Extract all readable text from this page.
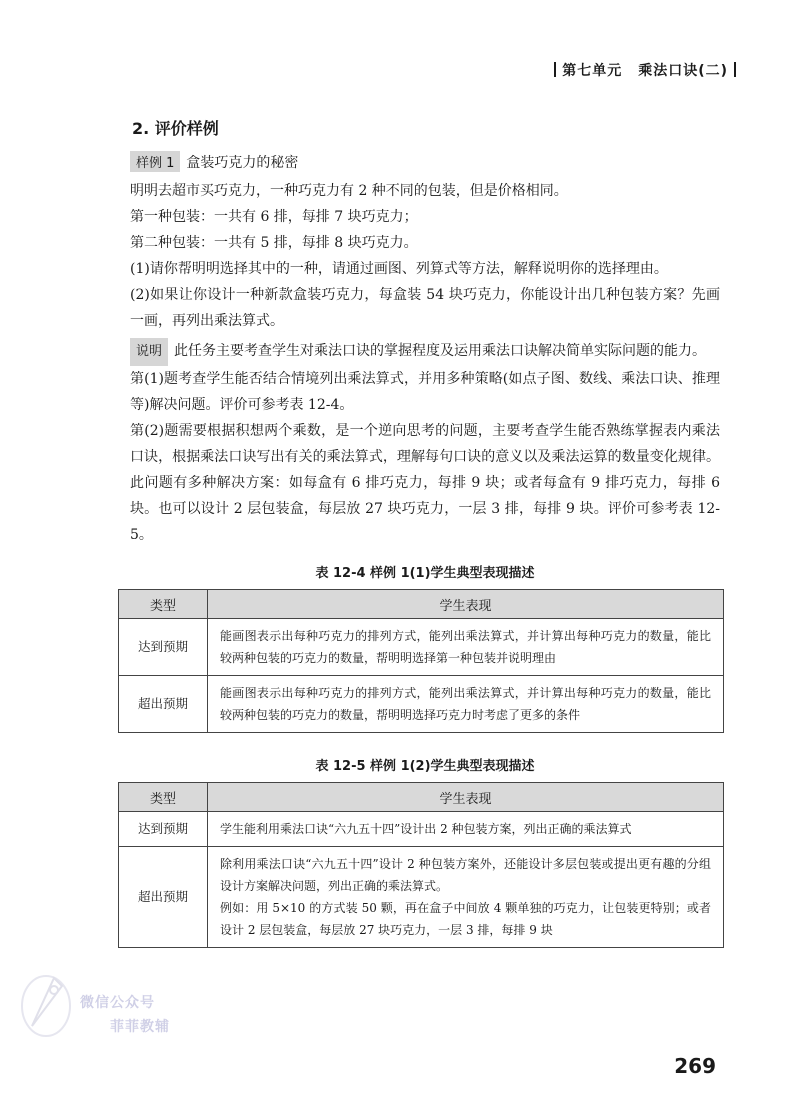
第七单元 乘法口诀(二)
2. 评价样例
样例 1 盒装巧克力的秘密

明明去超市买巧克力，一种巧克力有 2 种不同的包装，但是价格相同。

第一种包装：一共有 6 排，每排 7 块巧克力；

第二种包装：一共有 5 排，每排 8 块巧克力。

(1)请你帮明明选择其中的一种，请通过画图、列算式等方法，解释说明你的选择理由。

(2)如果让你设计一种新款盒装巧克力，每盒装 54 块巧克力，你能设计出几种包装方案？先画一画，再列出乘法算式。

说明 此任务主要考查学生对乘法口诀的掌握程度及运用乘法口诀解决简单实际问题的能力。

第(1)题考查学生能否结合情境列出乘法算式，并用多种策略(如点子图、数线、乘法口诀、推理等)解决问题。评价可参考表 12-4。

第(2)题需要根据积想两个乘数，是一个逆向思考的问题，主要考查学生能否熟练掌握表内乘法口诀，根据乘法口诀写出有关的乘法算式，理解每句口诀的意义以及乘法运算的数量变化规律。此问题有多种解决方案：如每盒有 6 排巧克力，每排 9 块；或者每盒有 9 排巧克力，每排 6 块。也可以设计 2 层包装盒，每层放 27 块巧克力，一层 3 排，每排 9 块。评价可参考表 12-5。

表 12-4 样例 1(1)学生典型表现描述
类型	学生表现
达到预期	能画图表示出每种巧克力的排列方式，能列出乘法算式，并计算出每种巧克力的数量，能比较两种包装的巧克力的数量，帮明明选择第一种包装并说明理由
超出预期	能画图表示出每种巧克力的排列方式，能列出乘法算式，并计算出每种巧克力的数量，能比较两种包装的巧克力的数量，帮明明选择巧克力时考虑了更多的条件
表 12-5 样例 1(2)学生典型表现描述
类型	学生表现
达到预期	学生能利用乘法口诀“六九五十四”设计出 2 种包装方案，列出正确的乘法算式
超出预期	除利用乘法口诀“六九五十四”设计 2 种包装方案外，还能设计多层包装或提出更有趣的分组设计方案解决问题，列出正确的乘法算式。
例如：用 5×10 的方式装 50 颗，再在盒子中间放 4 颗单独的巧克力，让包装更特别；或者设计 2 层包装盒，每层放 27 块巧克力，一层 3 排，每排 9 块
微信公众号
菲菲教辅
269
